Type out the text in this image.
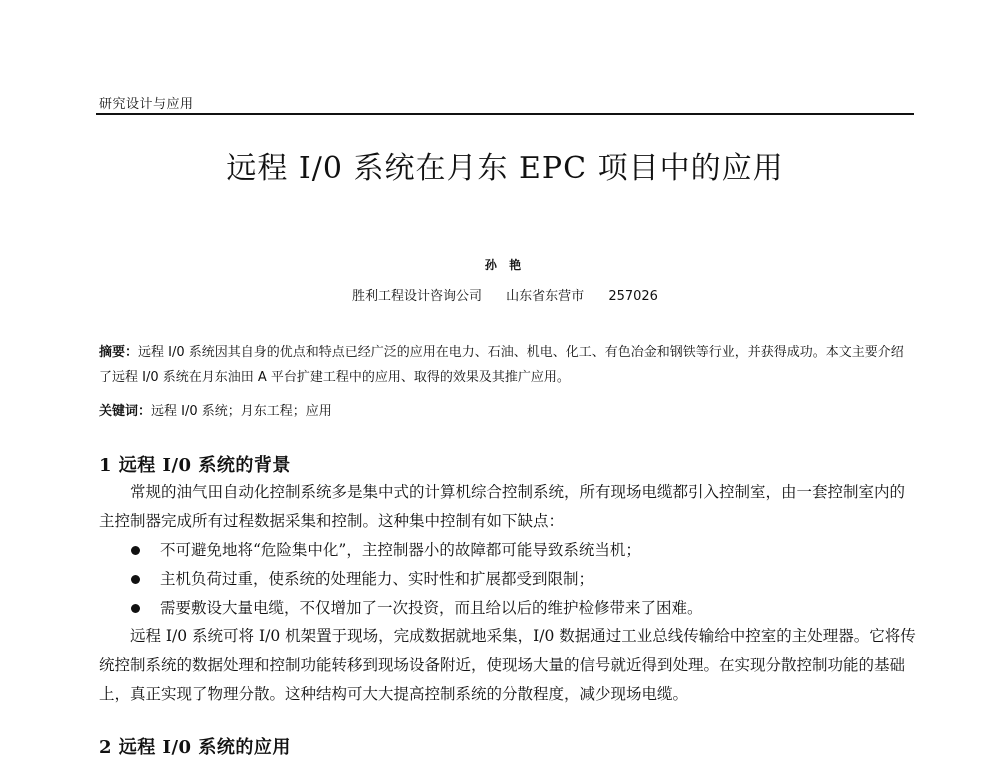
研究设计与应用
远程 I/0 系统在月东 EPC 项目中的应用
孙 艳
胜利工程设计咨询公司 山东省东营市 257026
摘要：远程 I/0 系统因其自身的优点和特点已经广泛的应用在电力、石油、机电、化工、有色冶金和钢铁等行业，并获得成功。本文主要介绍了远程 I/0 系统在月东油田 A 平台扩建工程中的应用、取得的效果及其推广应用。
关键词：远程 I/0 系统；月东工程；应用
1 远程 I/0 系统的背景
常规的油气田自动化控制系统多是集中式的计算机综合控制系统，所有现场电缆都引入控制室，由一套控制室内的主控制器完成所有过程数据采集和控制。这种集中控制有如下缺点：
不可避免地将“危险集中化”，主控制器小的故障都可能导致系统当机；
主机负荷过重，使系统的处理能力、实时性和扩展都受到限制；
需要敷设大量电缆，不仅增加了一次投资，而且给以后的维护检修带来了困难。
远程 I/0 系统可将 I/0 机架置于现场，完成数据就地采集，I/0 数据通过工业总线传输给中控室的主处理器。它将传统控制系统的数据处理和控制功能转移到现场设备附近，使现场大量的信号就近得到处理。在实现分散控制功能的基础上，真正实现了物理分散。这种结构可大大提高控制系统的分散程度，减少现场电缆。
2 远程 I/0 系统的应用
